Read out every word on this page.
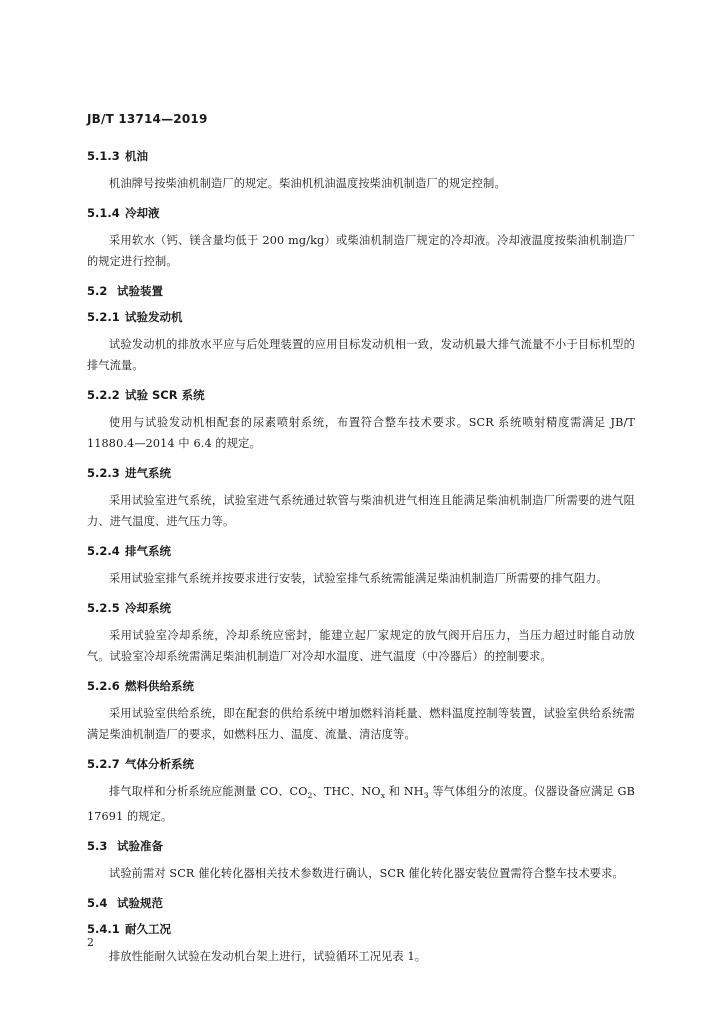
JB/T 13714—2019
5.1.3 机油

机油牌号按柴油机制造厂的规定。柴油机机油温度按柴油机制造厂的规定控制。

5.1.4 冷却液

采用软水（钙、镁含量均低于 200 mg/kg）或柴油机制造厂规定的冷却液。冷却液温度按柴油机制造厂的规定进行控制。

5.2 试验装置
5.2.1 试验发动机

试验发动机的排放水平应与后处理装置的应用目标发动机相一致，发动机最大排气流量不小于目标机型的排气流量。

5.2.2 试验 SCR 系统

使用与试验发动机相配套的尿素喷射系统，布置符合整车技术要求。SCR 系统喷射精度需满足 JB/T 11880.4—2014 中 6.4 的规定。

5.2.3 进气系统

采用试验室进气系统，试验室进气系统通过软管与柴油机进气相连且能满足柴油机制造厂所需要的进气阻力、进气温度、进气压力等。

5.2.4 排气系统

采用试验室排气系统并按要求进行安装，试验室排气系统需能满足柴油机制造厂所需要的排气阻力。

5.2.5 冷却系统

采用试验室冷却系统，冷却系统应密封，能建立起厂家规定的放气阀开启压力，当压力超过时能自动放气。试验室冷却系统需满足柴油机制造厂对冷却水温度、进气温度（中冷器后）的控制要求。

5.2.6 燃料供给系统

采用试验室供给系统，即在配套的供给系统中增加燃料消耗量、燃料温度控制等装置，试验室供给系统需满足柴油机制造厂的要求，如燃料压力、温度、流量、清洁度等。

5.2.7 气体分析系统

排气取样和分析系统应能测量 CO、$CO_2$、THC、$NO_x$ 和 $NH_3$ 等气体组分的浓度。仪器设备应满足 GB 17691 的规定。

5.3 试验准备

试验前需对 SCR 催化转化器相关技术参数进行确认，SCR 催化转化器安装位置需符合整车技术要求。

5.4 试验规范
5.4.1 耐久工况

排放性能耐久试验在发动机台架上进行，试验循环工况见表 1。

2
